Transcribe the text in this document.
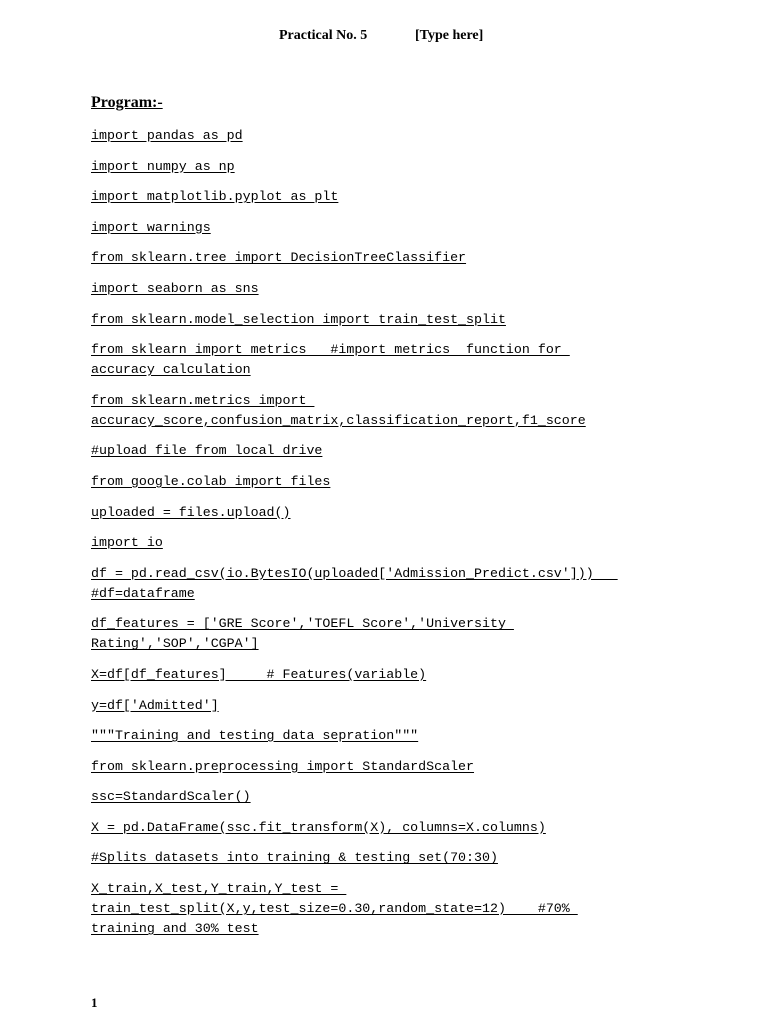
Practical No. 5	[Type here]
Program:-
import pandas as pd
import numpy as np
import matplotlib.pyplot as plt
import warnings
from sklearn.tree import DecisionTreeClassifier
import seaborn as sns
from sklearn.model_selection import train_test_split
from sklearn import metrics   #import metrics  function for
accuracy calculation
from sklearn.metrics import
accuracy_score,confusion_matrix,classification_report,f1_score
#upload file from local drive
from google.colab import files
uploaded = files.upload()
import io
df = pd.read_csv(io.BytesIO(uploaded['Admission_Predict.csv']))
#df=dataframe
df_features = ['GRE Score','TOEFL Score','University
Rating','SOP','CGPA']
X=df[df_features]     # Features(variable)
y=df['Admitted']
"""Training and testing data sepration"""
from sklearn.preprocessing import StandardScaler
ssc=StandardScaler()
X = pd.DataFrame(ssc.fit_transform(X), columns=X.columns)
#Splits datasets into training & testing set(70:30)
X_train,X_test,Y_train,Y_test =
train_test_split(X,y,test_size=0.30,random_state=12)    #70%
training and 30% test
1
